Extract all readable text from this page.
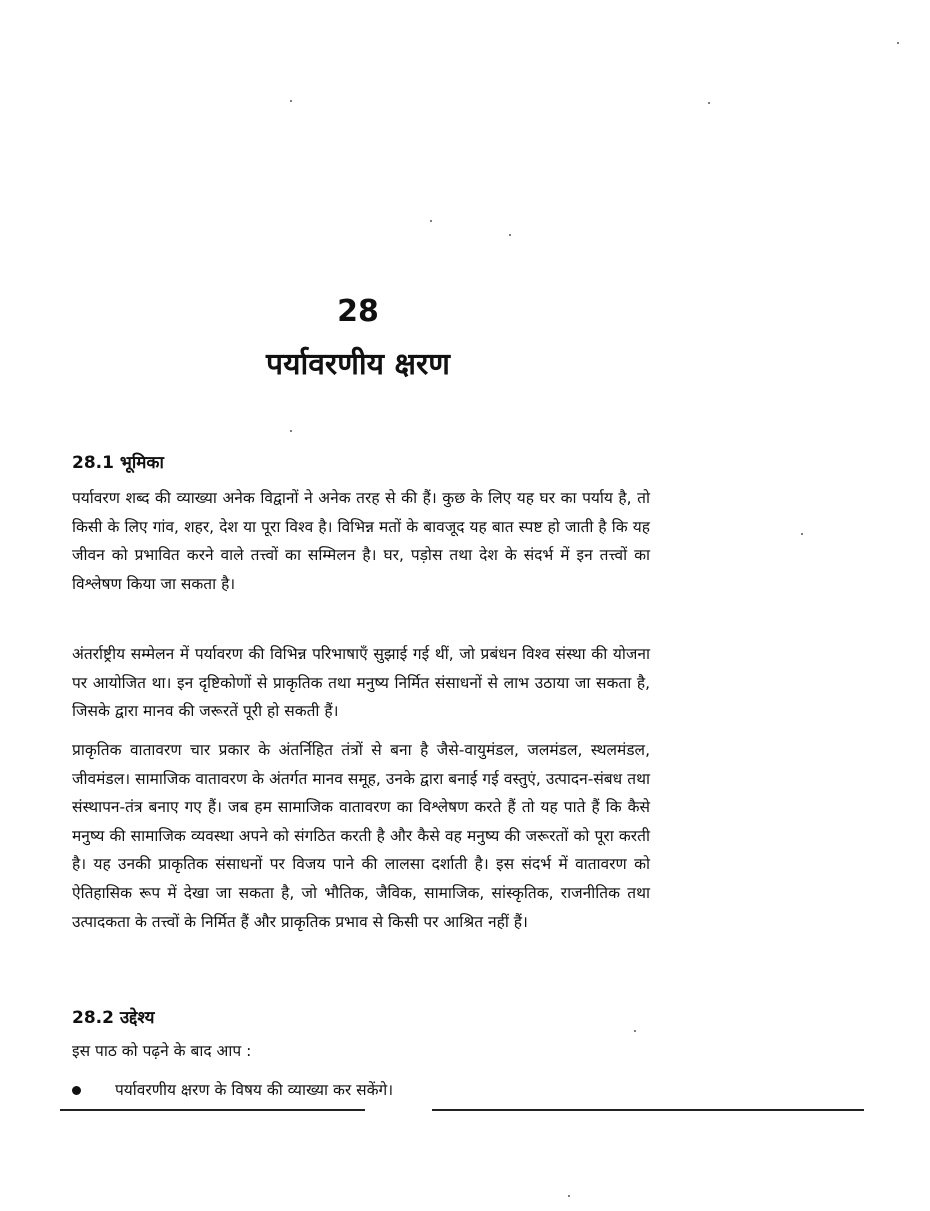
28
पर्यावरणीय क्षरण
28.1 भूमिका

पर्यावरण शब्द की व्याख्या अनेक विद्वानों ने अनेक तरह से की हैं। कुछ के लिए यह घर का पर्याय है, तो किसी के लिए गांव, शहर, देश या पूरा विश्व है। विभिन्न मतों के बावजूद यह बात स्पष्ट हो जाती है कि यह जीवन को प्रभावित करने वाले तत्त्वों का सम्मिलन है। घर, पड़ोस तथा देश के संदर्भ में इन तत्त्वों का विश्लेषण किया जा सकता है।

अंतर्राष्ट्रीय सम्मेलन में पर्यावरण की विभिन्न परिभाषाएँ सुझाई गई थीं, जो प्रबंधन विश्व संस्था की योजना पर आयोजित था। इन दृष्टिकोणों से प्राकृतिक तथा मनुष्य निर्मित संसाधनों से लाभ उठाया जा सकता है, जिसके द्वारा मानव की जरूरतें पूरी हो सकती हैं।

प्राकृतिक वातावरण चार प्रकार के अंतर्निहित तंत्रों से बना है जैसे-वायुमंडल, जलमंडल, स्थलमंडल, जीवमंडल। सामाजिक वातावरण के अंतर्गत मानव समूह, उनके द्वारा बनाई गई वस्तुएं, उत्पादन-संबध तथा संस्थापन-तंत्र बनाए गए हैं। जब हम सामाजिक वातावरण का विश्लेषण करते हैं तो यह पाते हैं कि कैसे मनुष्य की सामाजिक व्यवस्था अपने को संगठित करती है और कैसे वह मनुष्य की जरूरतों को पूरा करती है। यह उनकी प्राकृतिक संसाधनों पर विजय पाने की लालसा दर्शाती है। इस संदर्भ में वातावरण को ऐतिहासिक रूप में देखा जा सकता है, जो भौतिक, जैविक, सामाजिक, सांस्कृतिक, राजनीतिक तथा उत्पादकता के तत्त्वों के निर्मित हैं और प्राकृतिक प्रभाव से किसी पर आश्रित नहीं हैं।

28.2 उद्देश्य
इस पाठ को पढ़ने के बाद आप :
पर्यावरणीय क्षरण के विषय की व्याख्या कर सकेंगे।
